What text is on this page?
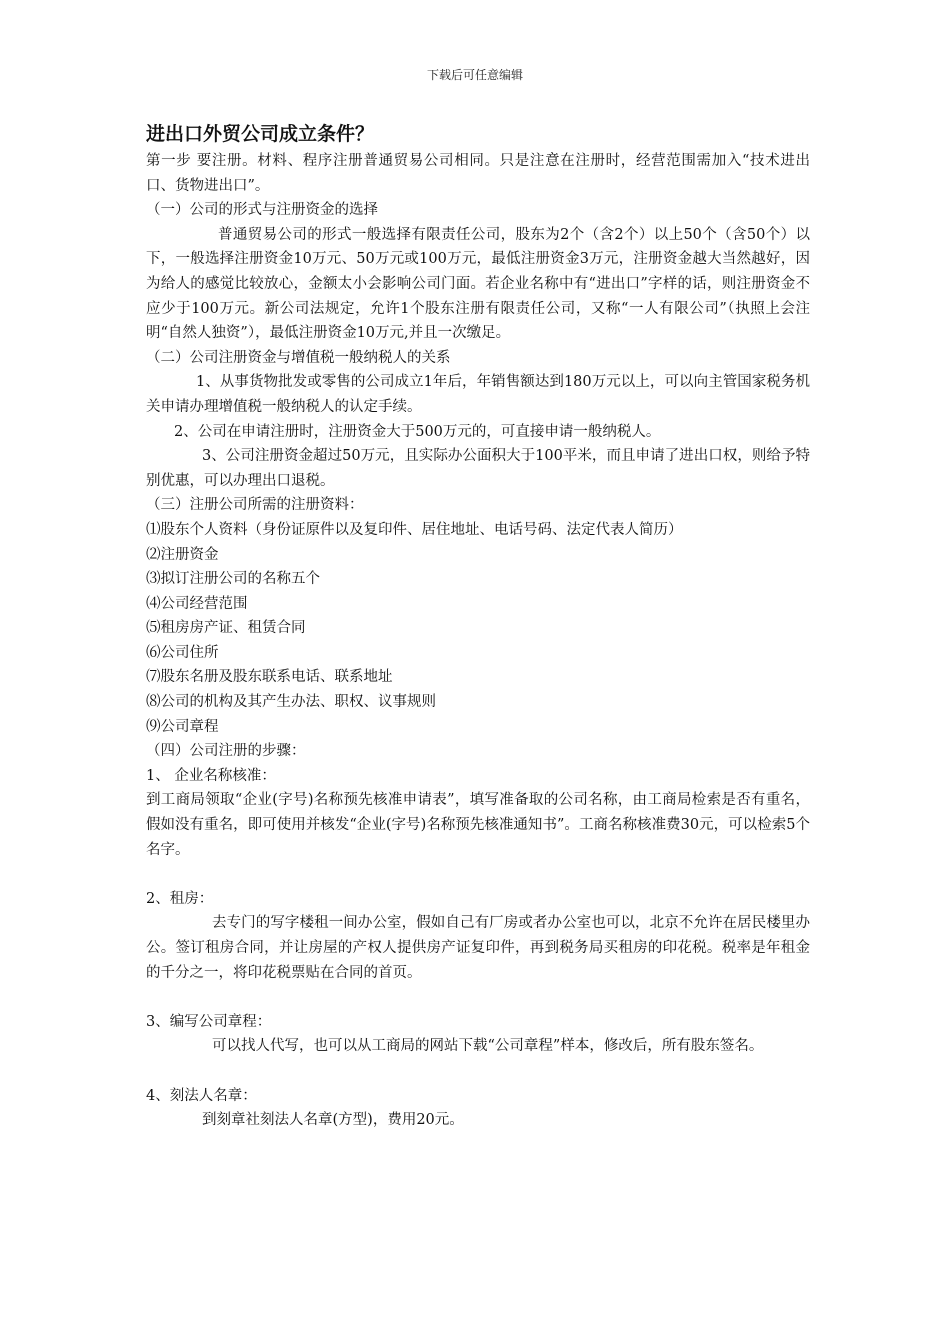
下载后可任意编辑
进出口外贸公司成立条件？

第一步 要注册。材料、程序注册普通贸易公司相同。只是注意在注册时，经营范围需加入“技术进出口、货物进出口”。

（一）公司的形式与注册资金的选择

普通贸易公司的形式一般选择有限责任公司，股东为2个（含2个）以上50个（含50个）以下，一般选择注册资金10万元、50万元或100万元，最低注册资金3万元，注册资金越大当然越好，因为给人的感觉比较放心，金额太小会影响公司门面。若企业名称中有“进出口”字样的话，则注册资金不应少于100万元。新公司法规定，允许1个股东注册有限责任公司，又称“一人有限公司”（执照上会注明“自然人独资”），最低注册资金10万元,并且一次缴足。

（二）公司注册资金与增值税一般纳税人的关系

1、从事货物批发或零售的公司成立1年后，年销售额达到180万元以上，可以向主管国家税务机关申请办理增值税一般纳税人的认定手续。

2、公司在申请注册时，注册资金大于500万元的，可直接申请一般纳税人。

3、公司注册资金超过50万元，且实际办公面积大于100平米，而且申请了进出口权，则给予特别优惠，可以办理出口退税。

（三）注册公司所需的注册资料：

⑴股东个人资料（身份证原件以及复印件、居住地址、电话号码、法定代表人简历）

⑵注册资金

⑶拟订注册公司的名称五个

⑷公司经营范围

⑸租房房产证、租赁合同

⑹公司住所

⑺股东名册及股东联系电话、联系地址

⑻公司的机构及其产生办法、职权、议事规则

⑼公司章程

（四）公司注册的步骤：

1、 企业名称核准：

到工商局领取“企业(字号)名称预先核准申请表”，填写准备取的公司名称，由工商局检索是否有重名，假如没有重名，即可使用并核发“企业(字号)名称预先核准通知书”。工商名称核准费30元，可以检索5个名字。

2、租房：

去专门的写字楼租一间办公室，假如自己有厂房或者办公室也可以，北京不允许在居民楼里办公。签订租房合同，并让房屋的产权人提供房产证复印件，再到税务局买租房的印花税。税率是年租金的千分之一，将印花税票贴在合同的首页。

3、编写公司章程：

可以找人代写，也可以从工商局的网站下载“公司章程”样本，修改后，所有股东签名。

4、刻法人名章：

到刻章社刻法人名章(方型)，费用20元。
